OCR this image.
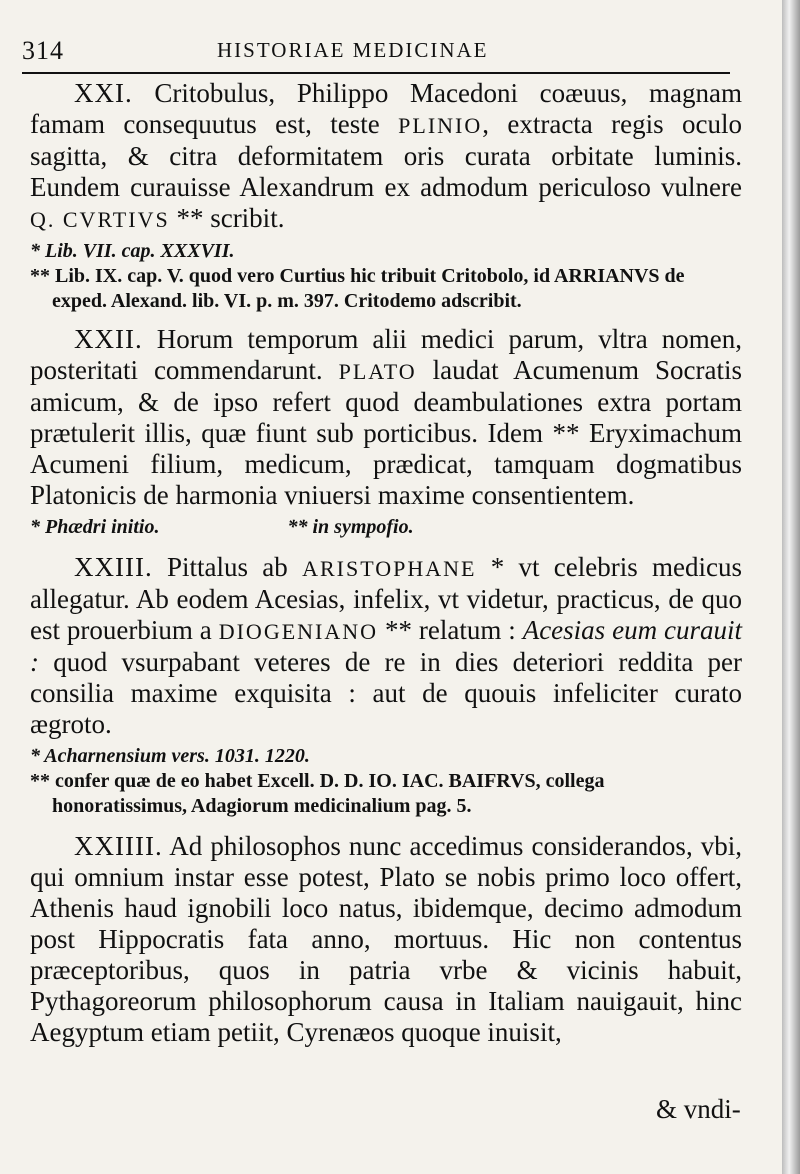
314	HISTORIAE MEDICINAE

XXI. Critobulus, Philippo Macedoni coæuus, magnam famam consequutus est, teste PLINIO, extracta regis oculo sagitta, & citra deformitatem oris curata orbitate luminis. Eundem curauisse Alexandrum ex admodum periculoso vulnere Q. CVRTIVS ** scribit.

* Lib. VII. cap. XXXVII.

** Lib. IX. cap. V. quod vero Curtius hic tribuit Critobolo, id ARRIANVS de exped. Alexand. lib. VI. p. m. 397. Critodemo adscribit.

XXII. Horum temporum alii medici parum, vltra nomen, posteritati commendarunt. PLATO laudat Acumenum Socratis amicum, & de ipso refert quod deambulationes extra portam prætulerit illis, quæ fiunt sub porticibus. Idem ** Eryximachum Acumeni filium, medicum, prædicat, tamquam dogmatibus Platonicis de harmonia vniuersi maxime consentientem.

* Phædri initio.	** in sympofio.

XXIII. Pittalus ab ARISTOPHANE * vt celebris medicus allegatur. Ab eodem Acesias, infelix, vt videtur, practicus, de quo est prouerbium a DIOGENIANO ** relatum : Acesias eum curauit : quod vsurpabant veteres de re in dies deteriori reddita per consilia maxime exquisita : aut de quouis infeliciter curato ægroto.

* Acharnensium vers. 1031. 1220.

** confer quæ de eo habet Excell. D. D. IO. IAC. BAIFRVS, collega honoratissimus, Adagiorum medicinalium pag. 5.

XXIIII. Ad philosophos nunc accedimus considerandos, vbi, qui omnium instar esse potest, Plato se nobis primo loco offert, Athenis haud ignobili loco natus, ibidemque, decimo admodum post Hippocratis fata anno, mortuus. Hic non contentus præceptoribus, quos in patria vrbe & vicinis habuit, Pythagoreorum philosophorum causa in Italiam nauigauit, hinc Aegyptum etiam petiit, Cyrenæos quoque inuisit,

& vndi-
